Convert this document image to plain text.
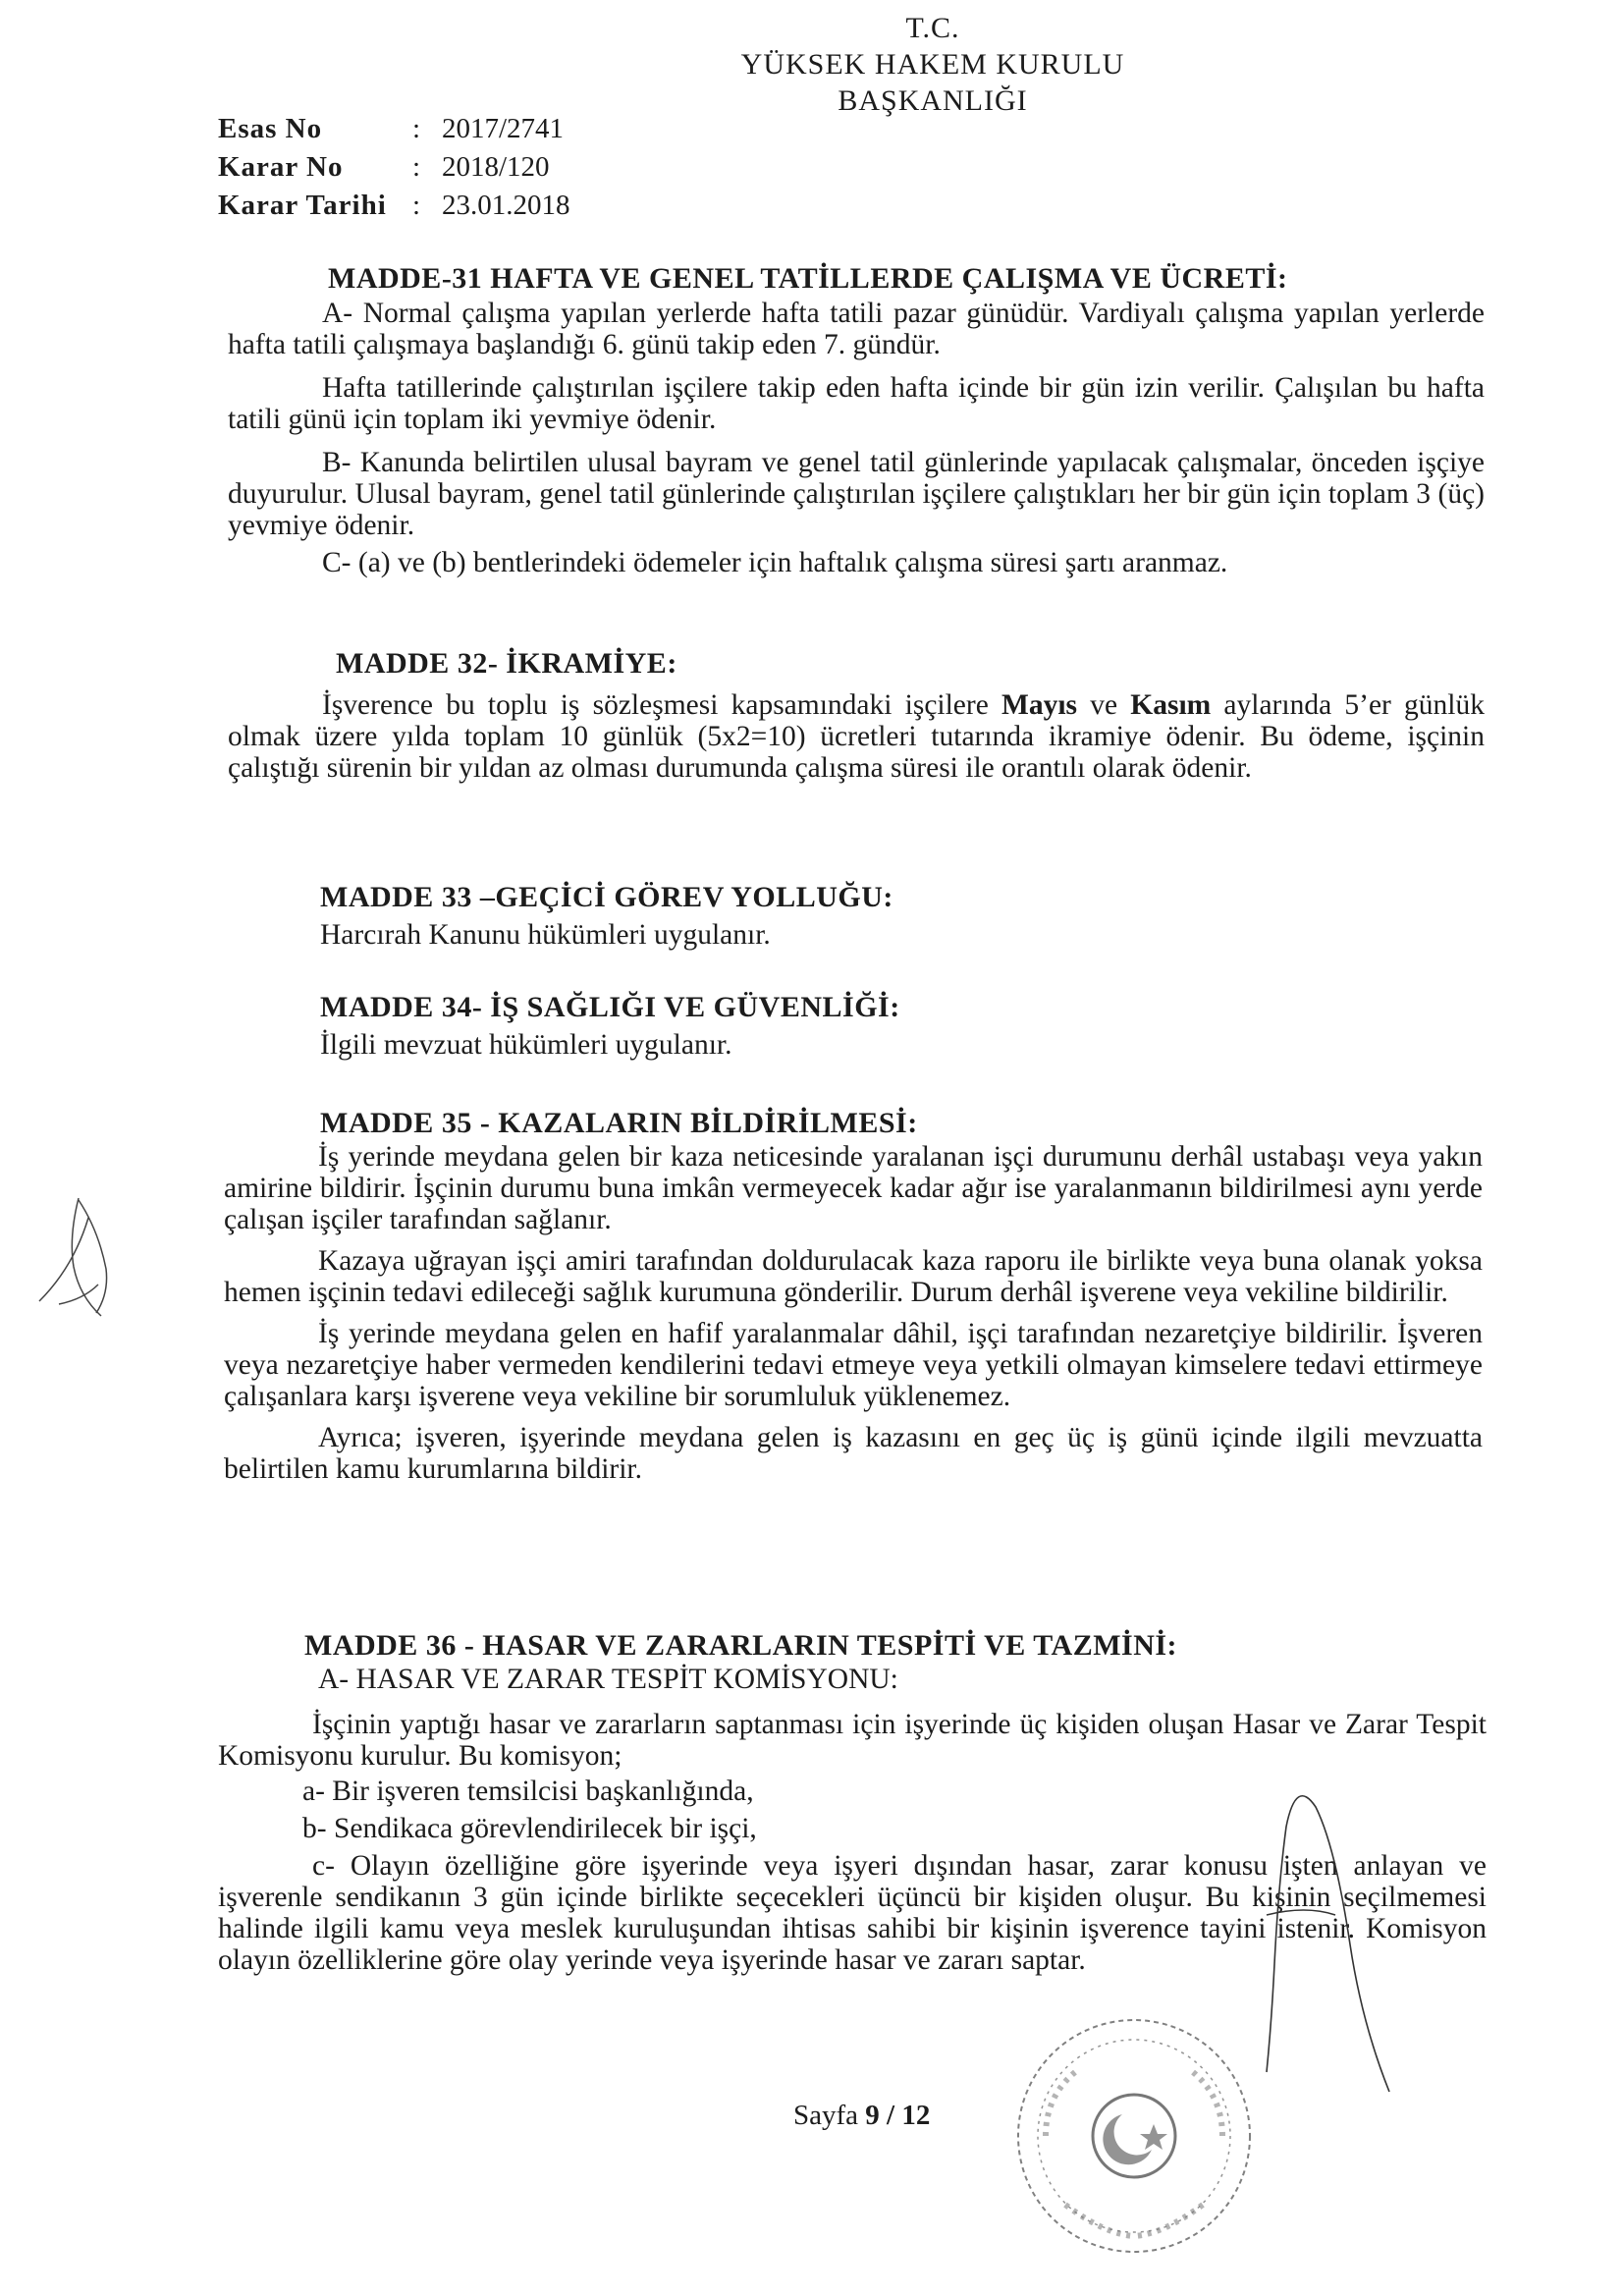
T.C.
YÜKSEK HAKEM KURULU
BAŞKANLIĞI
Esas No	: 2017/2741
Karar No	: 2018/120
Karar Tarihi : 23.01.2018

MADDE-31 HAFTA VE GENEL TATİLLERDE ÇALIŞMA VE ÜCRETİ:

A- Normal çalışma yapılan yerlerde hafta tatili pazar günüdür. Vardiyalı çalışma yapılan yerlerde hafta tatili çalışmaya başlandığı 6. günü takip eden 7. gündür.

Hafta tatillerinde çalıştırılan işçilere takip eden hafta içinde bir gün izin verilir. Çalışılan bu hafta tatili günü için toplam iki yevmiye ödenir.

B- Kanunda belirtilen ulusal bayram ve genel tatil günlerinde yapılacak çalışmalar, önceden işçiye duyurulur. Ulusal bayram, genel tatil günlerinde çalıştırılan işçilere çalıştıkları her bir gün için toplam 3 (üç) yevmiye ödenir.

C- (a) ve (b) bentlerindeki ödemeler için haftalık çalışma süresi şartı aranmaz.

MADDE 32- İKRAMİYE:

İşverence bu toplu iş sözleşmesi kapsamındaki işçilere Mayıs ve Kasım aylarında 5’er günlük olmak üzere yılda toplam 10 günlük (5x2=10) ücretleri tutarında ikramiye ödenir. Bu ödeme, işçinin çalıştığı sürenin bir yıldan az olması durumunda çalışma süresi ile orantılı olarak ödenir.

MADDE 33 –GEÇİCİ GÖREV YOLLUĞU:

Harcırah Kanunu hükümleri uygulanır.

MADDE 34- İŞ SAĞLIĞI VE GÜVENLİĞİ:

İlgili mevzuat hükümleri uygulanır.

MADDE 35 - KAZALARIN BİLDİRİLMESİ:

İş yerinde meydana gelen bir kaza neticesinde yaralanan işçi durumunu derhâl ustabaşı veya yakın amirine bildirir. İşçinin durumu buna imkân vermeyecek kadar ağır ise yaralanmanın bildirilmesi aynı yerde çalışan işçiler tarafından sağlanır.

Kazaya uğrayan işçi amiri tarafından doldurulacak kaza raporu ile birlikte veya buna olanak yoksa hemen işçinin tedavi edileceği sağlık kurumuna gönderilir. Durum derhâl işverene veya vekiline bildirilir.

İş yerinde meydana gelen en hafif yaralanmalar dâhil, işçi tarafından nezaretçiye bildirilir. İşveren veya nezaretçiye haber vermeden kendilerini tedavi etmeye veya yetkili olmayan kimselere tedavi ettirmeye çalışanlara karşı işverene veya vekiline bir sorumluluk yüklenemez.

Ayrıca; işveren, işyerinde meydana gelen iş kazasını en geç üç iş günü içinde ilgili mevzuatta belirtilen kamu kurumlarına bildirir.

MADDE 36 - HASAR VE ZARARLARIN TESPİTİ VE TAZMİNİ:

A- HASAR VE ZARAR TESPİT KOMİSYONU:

İşçinin yaptığı hasar ve zararların saptanması için işyerinde üç kişiden oluşan Hasar ve Zarar Tespit Komisyonu kurulur. Bu komisyon;

a- Bir işveren temsilcisi başkanlığında,

b- Sendikaca görevlendirilecek bir işçi,

c- Olayın özelliğine göre işyerinde veya işyeri dışından hasar, zarar konusu işten anlayan ve işverenle sendikanın 3 gün içinde birlikte seçecekleri üçüncü bir kişiden oluşur. Bu kişinin seçilmemesi halinde ilgili kamu veya meslek kuruluşundan ihtisas sahibi bir kişinin işverence tayini istenir. Komisyon olayın özelliklerine göre olay yerinde veya işyerinde hasar ve zararı saptar.

Sayfa 9 / 12
